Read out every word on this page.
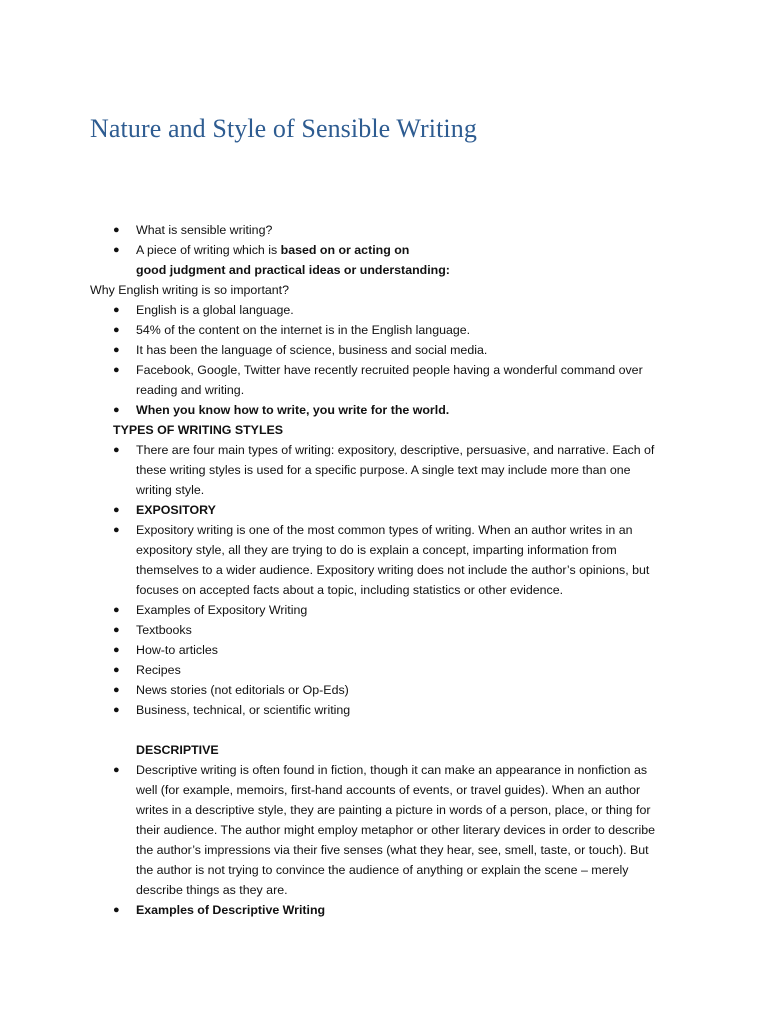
Nature and Style of Sensible Writing
● What is sensible writing?
● A piece of writing which is based on or acting on
good judgment and practical ideas or understanding:
Why English writing is so important?
● English is a global language.
● 54% of the content on the internet is in the English language.
● It has been the language of science, business and social media.
● Facebook, Google, Twitter have recently recruited people having a wonderful command over
reading and writing.
● When you know how to write, you write for the world.
TYPES OF WRITING STYLES
● There are four main types of writing: expository, descriptive, persuasive, and narrative. Each of
these writing styles is used for a specific purpose. A single text may include more than one
writing style.
● EXPOSITORY
● Expository writing is one of the most common types of writing. When an author writes in an
expository style, all they are trying to do is explain a concept, imparting information from
themselves to a wider audience. Expository writing does not include the author’s opinions, but
focuses on accepted facts about a topic, including statistics or other evidence.
● Examples of Expository Writing
● Textbooks
● How-to articles
● Recipes
● News stories (not editorials or Op-Eds)
● Business, technical, or scientific writing
DESCRIPTIVE
● Descriptive writing is often found in fiction, though it can make an appearance in nonfiction as
well (for example, memoirs, first-hand accounts of events, or travel guides). When an author
writes in a descriptive style, they are painting a picture in words of a person, place, or thing for
their audience. The author might employ metaphor or other literary devices in order to describe
the author’s impressions via their five senses (what they hear, see, smell, taste, or touch). But
the author is not trying to convince the audience of anything or explain the scene – merely
describe things as they are.
● Examples of Descriptive Writing
